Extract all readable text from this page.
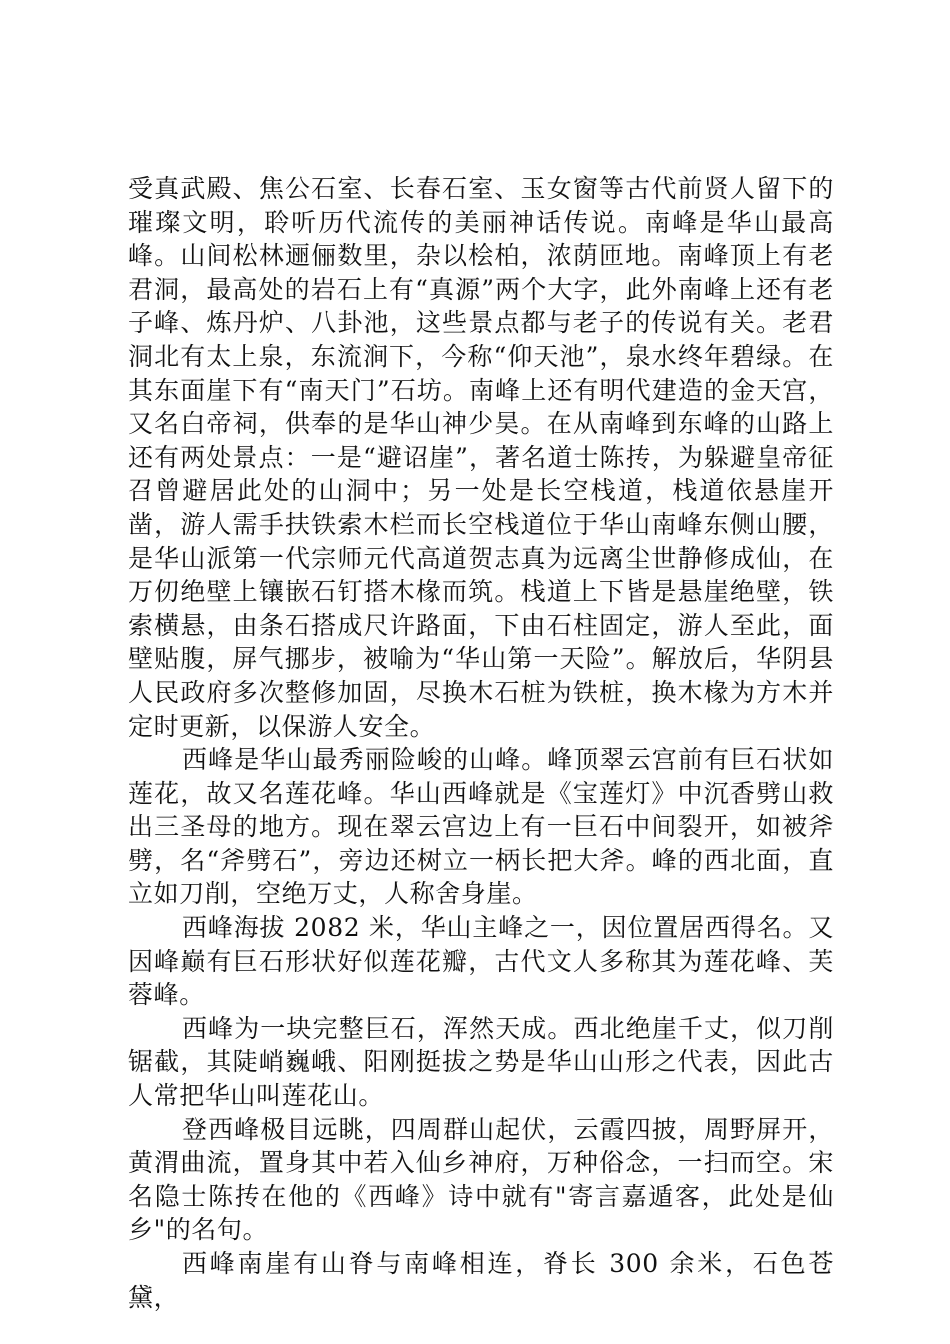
受真武殿、焦公石室、长春石室、玉女窗等古代前贤人留下的璀璨文明，聆听历代流传的美丽神话传说。南峰是华山最高峰。山间松林逦俪数里，杂以桧柏，浓荫匝地。南峰顶上有老君洞，最高处的岩石上有“真源”两个大字，此外南峰上还有老子峰、炼丹炉、八卦池，这些景点都与老子的传说有关。老君洞北有太上泉，东流涧下，今称“仰天池”，泉水终年碧绿。在其东面崖下有“南天门”石坊。南峰上还有明代建造的金天宫，又名白帝祠，供奉的是华山神少昊。在从南峰到东峰的山路上还有两处景点：一是“避诏崖”，著名道士陈抟，为躲避皇帝征召曾避居此处的山洞中；另一处是长空栈道，栈道依悬崖开凿，游人需手扶铁索木栏而长空栈道位于华山南峰东侧山腰，是华山派第一代宗师元代高道贺志真为远离尘世静修成仙，在万仞绝壁上镶嵌石钉搭木椽而筑。栈道上下皆是悬崖绝壁，铁索横悬，由条石搭成尺许路面，下由石柱固定，游人至此，面壁贴腹，屏气挪步，被喻为“华山第一天险”。解放后，华阴县人民政府多次整修加固，尽换木石桩为铁桩，换木椽为方木并定时更新，以保游人安全。

西峰是华山最秀丽险峻的山峰。峰顶翠云宫前有巨石状如莲花，故又名莲花峰。华山西峰就是《宝莲灯》中沉香劈山救出三圣母的地方。现在翠云宫边上有一巨石中间裂开，如被斧劈，名“斧劈石”，旁边还树立一柄长把大斧。峰的西北面，直立如刀削，空绝万丈，人称舍身崖。

西峰海拔 2082 米，华山主峰之一，因位置居西得名。又因峰巅有巨石形状好似莲花瓣，古代文人多称其为莲花峰、芙蓉峰。

西峰为一块完整巨石，浑然天成。西北绝崖千丈，似刀削锯截，其陡峭巍峨、阳刚挺拔之势是华山山形之代表，因此古人常把华山叫莲花山。

登西峰极目远眺，四周群山起伏，云霞四披，周野屏开，黄渭曲流，置身其中若入仙乡神府，万种俗念，一扫而空。宋名隐士陈抟在他的《西峰》诗中就有"寄言嘉遁客，此处是仙乡"的名句。

西峰南崖有山脊与南峰相连，脊长 300 余米，石色苍黛，
